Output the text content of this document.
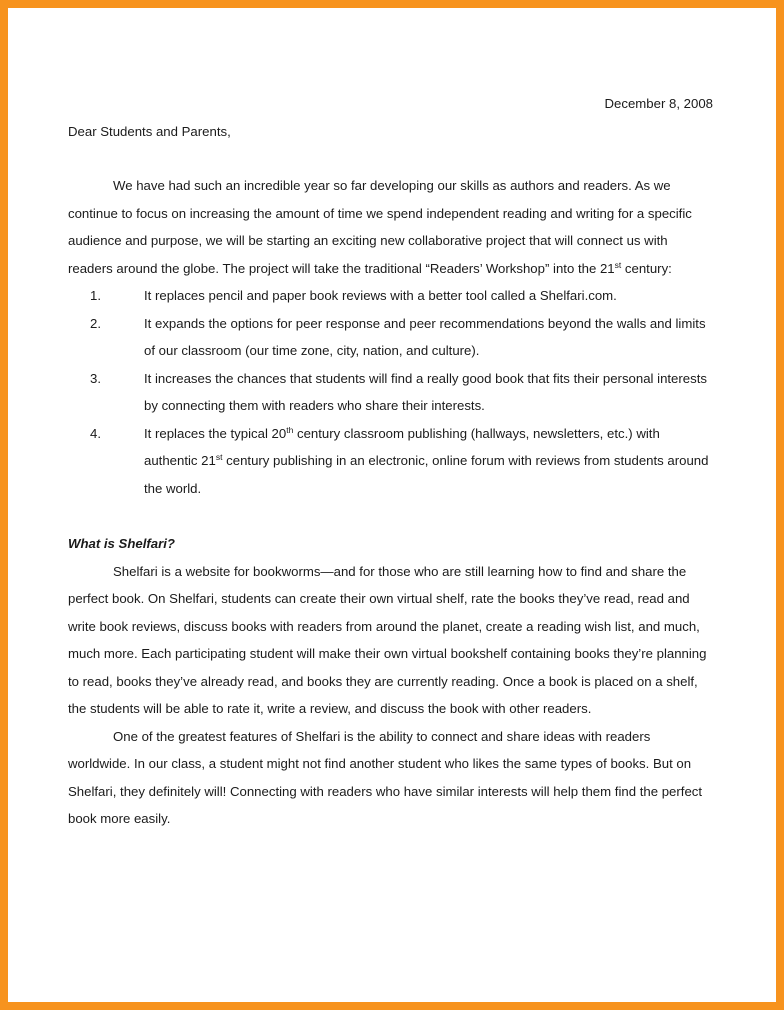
December 8, 2008

Dear Students and Parents,

We have had such an incredible year so far developing our skills as authors and readers. As we continue to focus on increasing the amount of time we spend independent reading and writing for a specific audience and purpose, we will be starting an exciting new collaborative project that will connect us with readers around the globe. The project will take the traditional “Readers’ Workshop” into the 21st century:

1.	It replaces pencil and paper book reviews with a better tool called a Shelfari.com.
2.	It expands the options for peer response and peer recommendations beyond the walls and limits of our classroom (our time zone, city, nation, and culture).
3.	It increases the chances that students will find a really good book that fits their personal interests by connecting them with readers who share their interests.
4.	It replaces the typical 20th century classroom publishing (hallways, newsletters, etc.) with authentic 21st century publishing in an electronic, online forum with reviews from students around the world.

What is Shelfari?

Shelfari is a website for bookworms—and for those who are still learning how to find and share the perfect book. On Shelfari, students can create their own virtual shelf, rate the books they’ve read, read and write book reviews, discuss books with readers from around the planet, create a reading wish list, and much, much more. Each participating student will make their own virtual bookshelf containing books they’re planning to read, books they’ve already read, and books they are currently reading. Once a book is placed on a shelf, the students will be able to rate it, write a review, and discuss the book with other readers.

One of the greatest features of Shelfari is the ability to connect and share ideas with readers worldwide. In our class, a student might not find another student who likes the same types of books. But on Shelfari, they definitely will! Connecting with readers who have similar interests will help them find the perfect book more easily.
